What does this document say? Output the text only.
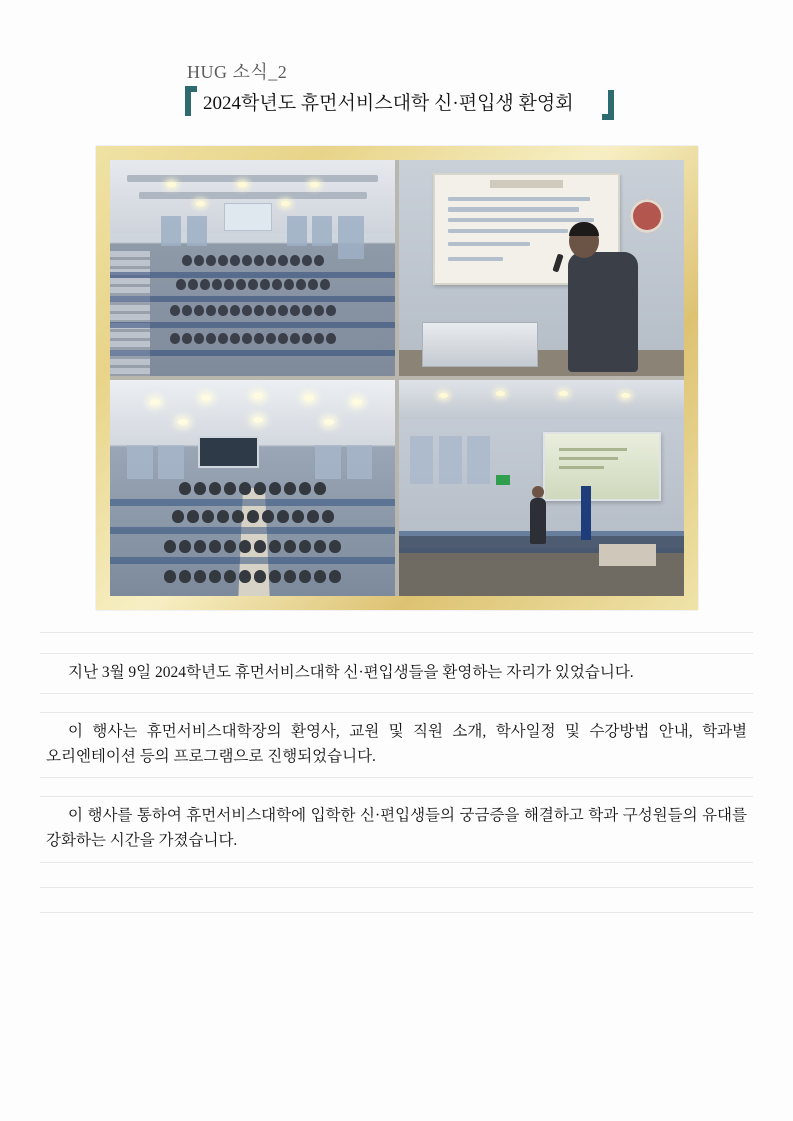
HUG 소식_2
2024학년도 휴먼서비스대학 신·편입생 환영회
지난 3월 9일 2024학년도 휴먼서비스대학 신·편입생들을 환영하는 자리가 있었습니다.
이 행사는 휴먼서비스대학장의 환영사, 교원 및 직원 소개, 학사일정 및 수강방법 안내, 학과별 오리엔테이션 등의 프로그램으로 진행되었습니다.
이 행사를 통하여 휴먼서비스대학에 입학한 신·편입생들의 궁금증을 해결하고 학과 구성원들의 유대를 강화하는 시간을 가졌습니다.
